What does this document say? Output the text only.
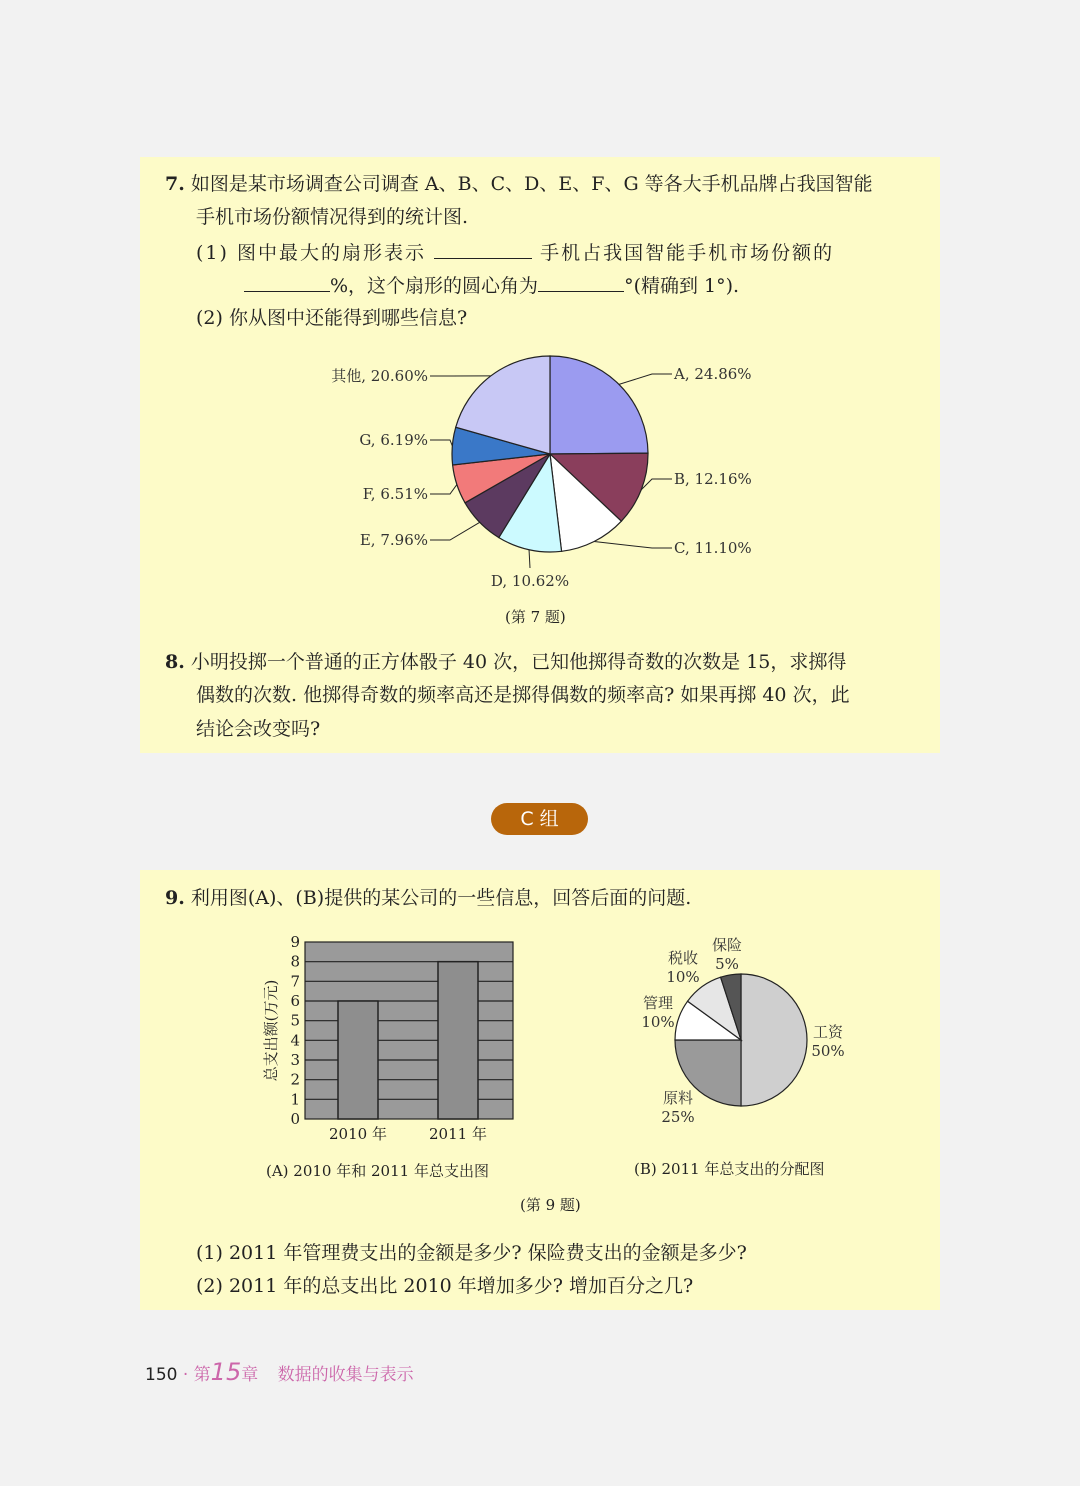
7. 如图是某市场调查公司调查 A、B、C、D、E、F、G 等各大手机品牌占我国智能
手机市场份额情况得到的统计图.
(1) 图中最大的扇形表示	手机占我国智能手机市场份额的
%，这个扇形的圆心角为	°(精确到 1°).
(2) 你从图中还能得到哪些信息?
A, 24.86%
B, 12.16%
C, 11.10%
D, 10.62%
E, 7.96%
F, 6.51%
G, 6.19%
其他, 20.60%
(第 7 题)
8. 小明投掷一个普通的正方体骰子 40 次，已知他掷得奇数的次数是 15，求掷得
偶数的次数. 他掷得奇数的频率高还是掷得偶数的频率高? 如果再掷 40 次，此
结论会改变吗?
C 组
9. 利用图(A)、(B)提供的某公司的一些信息，回答后面的问题.
0
1
2
3
4
5
6
7
8
9
2010 年	2011 年
总支出额(万元)	工资
50%
原料
25%
管理
10%
税收
10%
保险
5%
(A) 2010 年和 2011 年总支出图	(B) 2011 年总支出的分配图
(第 9 题)
(1) 2011 年管理费支出的金额是多少? 保险费支出的金额是多少?
(2) 2011 年的总支出比 2010 年增加多少? 增加百分之几?
150 · 第15章 数据的收集与表示
